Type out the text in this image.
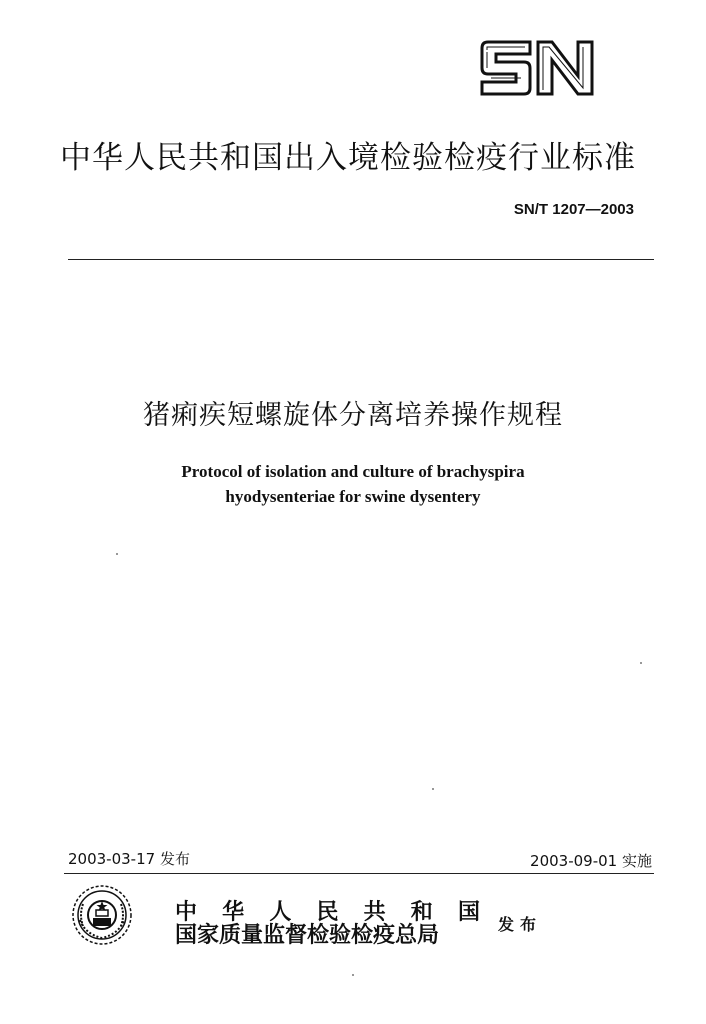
中华人民共和国出入境检验检疫行业标准
SN/T 1207—2003
猪痢疾短螺旋体分离培养操作规程
Protocol of isolation and culture of brachyspira
hyodysenteriae for swine dysentery
2003-03-17 发布	2003-09-01 实施
中 华 人 民 共 和 国
国家质量监督检验检疫总局	发布
